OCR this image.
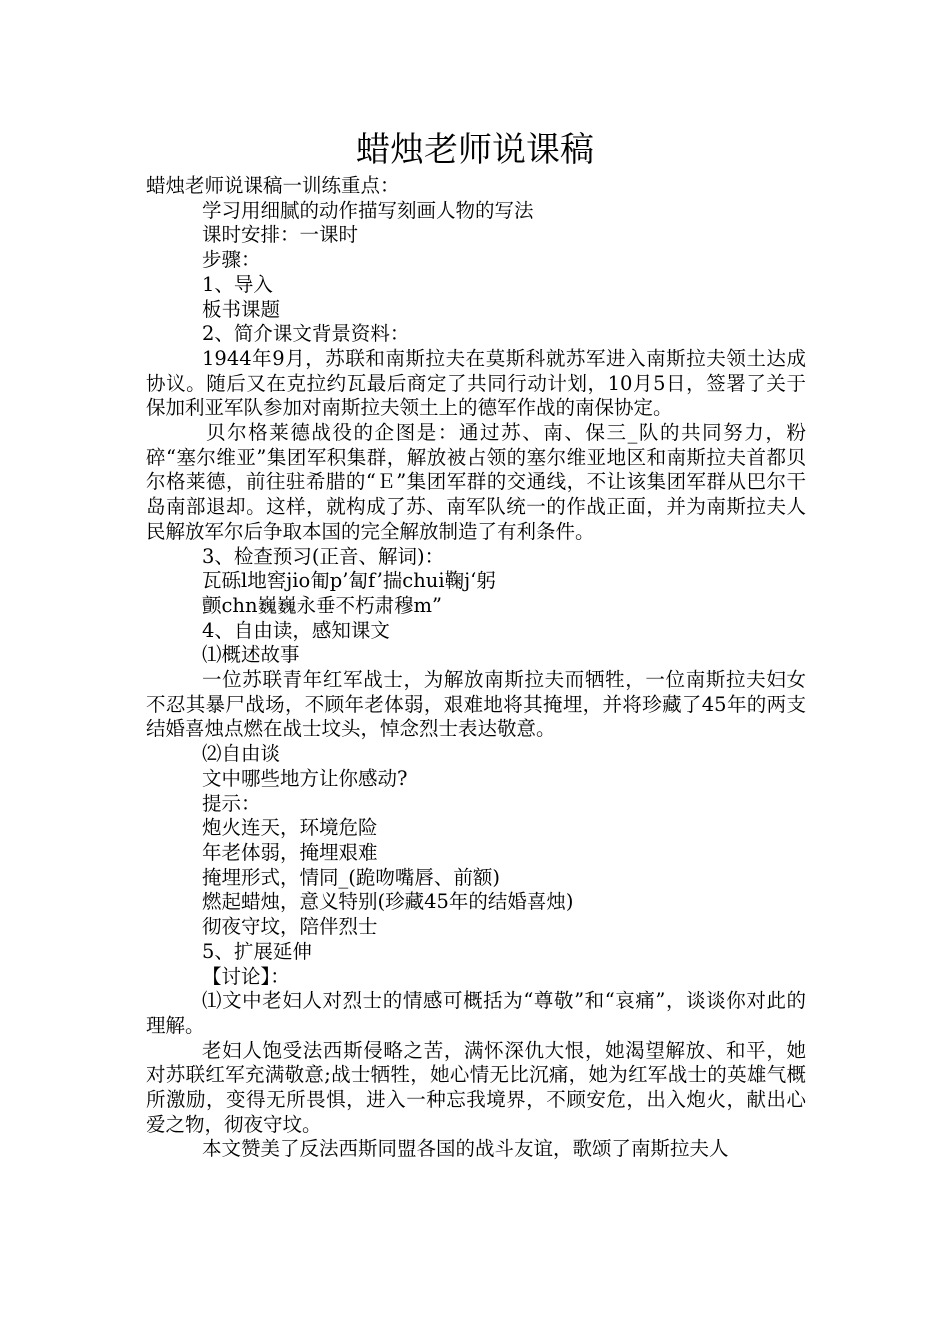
蜡烛老师说课稿

蜡烛老师说课稿一训练重点：

学习用细腻的动作描写刻画人物的写法

课时安排：一课时

步骤：

1、导入

板书课题

2、简介课文背景资料：

1944年9月，苏联和南斯拉夫在莫斯科就苏军进入南斯拉夫领土达成协议。随后又在克拉约瓦最后商定了共同行动计划，10月5日，签署了关于保加利亚军队参加对南斯拉夫领土上的德军作战的南保协定。

贝尔格莱德战役的企图是：通过苏、南、保三_队的共同努力，粉碎“塞尔维亚”集团军积集群，解放被占领的塞尔维亚地区和南斯拉夫首都贝尔格莱德，前往驻希腊的“Ｅ”集团军群的交通线，不让该集团军群从巴尔干岛南部退却。这样，就构成了苏、南军队统一的作战正面，并为南斯拉夫人民解放军尔后争取本国的完全解放制造了有利条件。

3、检查预习(正音、解词)：

瓦砾l地窖jio匍p’匐f’揣chui鞠j‘躬

颤chn巍巍永垂不朽肃穆m”

4、自由读，感知课文

⑴概述故事

一位苏联青年红军战士，为解放南斯拉夫而牺牲，一位南斯拉夫妇女不忍其暴尸战场，不顾年老体弱，艰难地将其掩埋，并将珍藏了45年的两支结婚喜烛点燃在战士坟头，悼念烈士表达敬意。

⑵自由谈

文中哪些地方让你感动?

提示：

炮火连天，环境危险

年老体弱，掩埋艰难

掩埋形式，情同_(跪吻嘴唇、前额)

燃起蜡烛，意义特别(珍藏45年的结婚喜烛)

彻夜守坟，陪伴烈士

5、扩展延伸

【讨论】：

⑴文中老妇人对烈士的情感可概括为“尊敬”和“哀痛”，谈谈你对此的理解。

老妇人饱受法西斯侵略之苦，满怀深仇大恨，她渴望解放、和平，她对苏联红军充满敬意;战士牺牲，她心情无比沉痛，她为红军战士的英雄气概所激励，变得无所畏惧，进入一种忘我境界，不顾安危，出入炮火，献出心爱之物，彻夜守坟。

本文赞美了反法西斯同盟各国的战斗友谊，歌颂了南斯拉夫人
